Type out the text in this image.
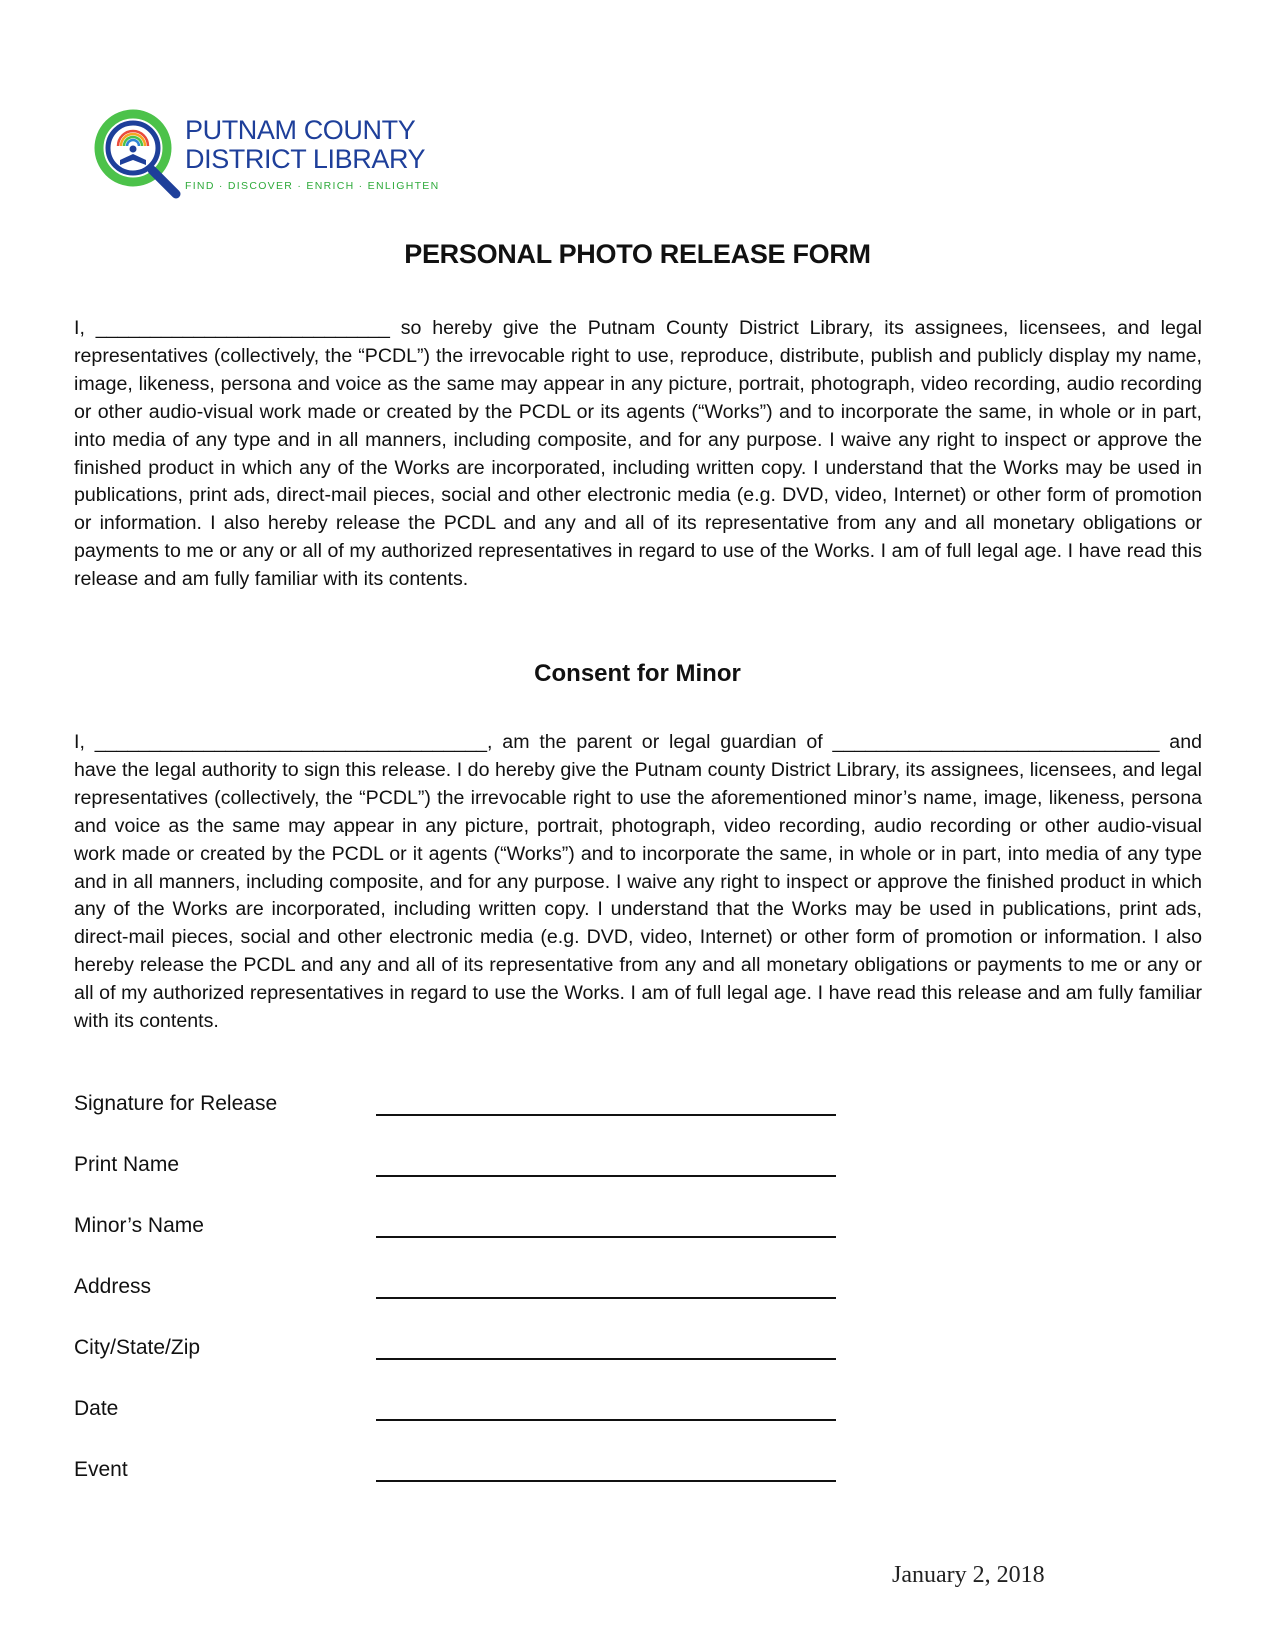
PUTNAM COUNTY
DISTRICT LIBRARY
FIND · DISCOVER · ENRICH · ENLIGHTEN
PERSONAL PHOTO RELEASE FORM

I, ___________________________ so hereby give the Putnam County District Library, its assignees, licensees, and legal representatives (collectively, the “PCDL”) the irrevocable right to use, reproduce, distribute, publish and publicly display my name, image, likeness, persona and voice as the same may appear in any picture, portrait, photograph, video recording, audio recording or other audio-visual work made or created by the PCDL or its agents (“Works”) and to incorporate the same, in whole or in part, into media of any type and in all manners, including composite, and for any purpose. I waive any right to inspect or approve the finished product in which any of the Works are incorporated, including written copy. I understand that the Works may be used in publications, print ads, direct-mail pieces, social and other electronic media (e.g. DVD, video, Internet) or other form of promotion or information. I also hereby release the PCDL and any and all of its representative from any and all monetary obligations or payments to me or any or all of my authorized representatives in regard to use of the Works. I am of full legal age. I have read this release and am fully familiar with its contents.

Consent for Minor

I, ____________________________________, am the parent or legal guardian of ______________________________ and have the legal authority to sign this release. I do hereby give the Putnam county District Library, its assignees, licensees, and legal representatives (collectively, the “PCDL”) the irrevocable right to use the aforementioned minor’s name, image, likeness, persona and voice as the same may appear in any picture, portrait, photograph, video recording, audio recording or other audio-visual work made or created by the PCDL or it agents (“Works”) and to incorporate the same, in whole or in part, into media of any type and in all manners, including composite, and for any purpose. I waive any right to inspect or approve the finished product in which any of the Works are incorporated, including written copy. I understand that the Works may be used in publications, print ads, direct-mail pieces, social and other electronic media (e.g. DVD, video, Internet) or other form of promotion or information. I also hereby release the PCDL and any and all of its representative from any and all monetary obligations or payments to me or any or all of my authorized representatives in regard to use the Works. I am of full legal age. I have read this release and am fully familiar with its contents.

Signature for Release
Print Name
Minor’s Name
Address
City/State/Zip
Date
Event
January 2, 2018
